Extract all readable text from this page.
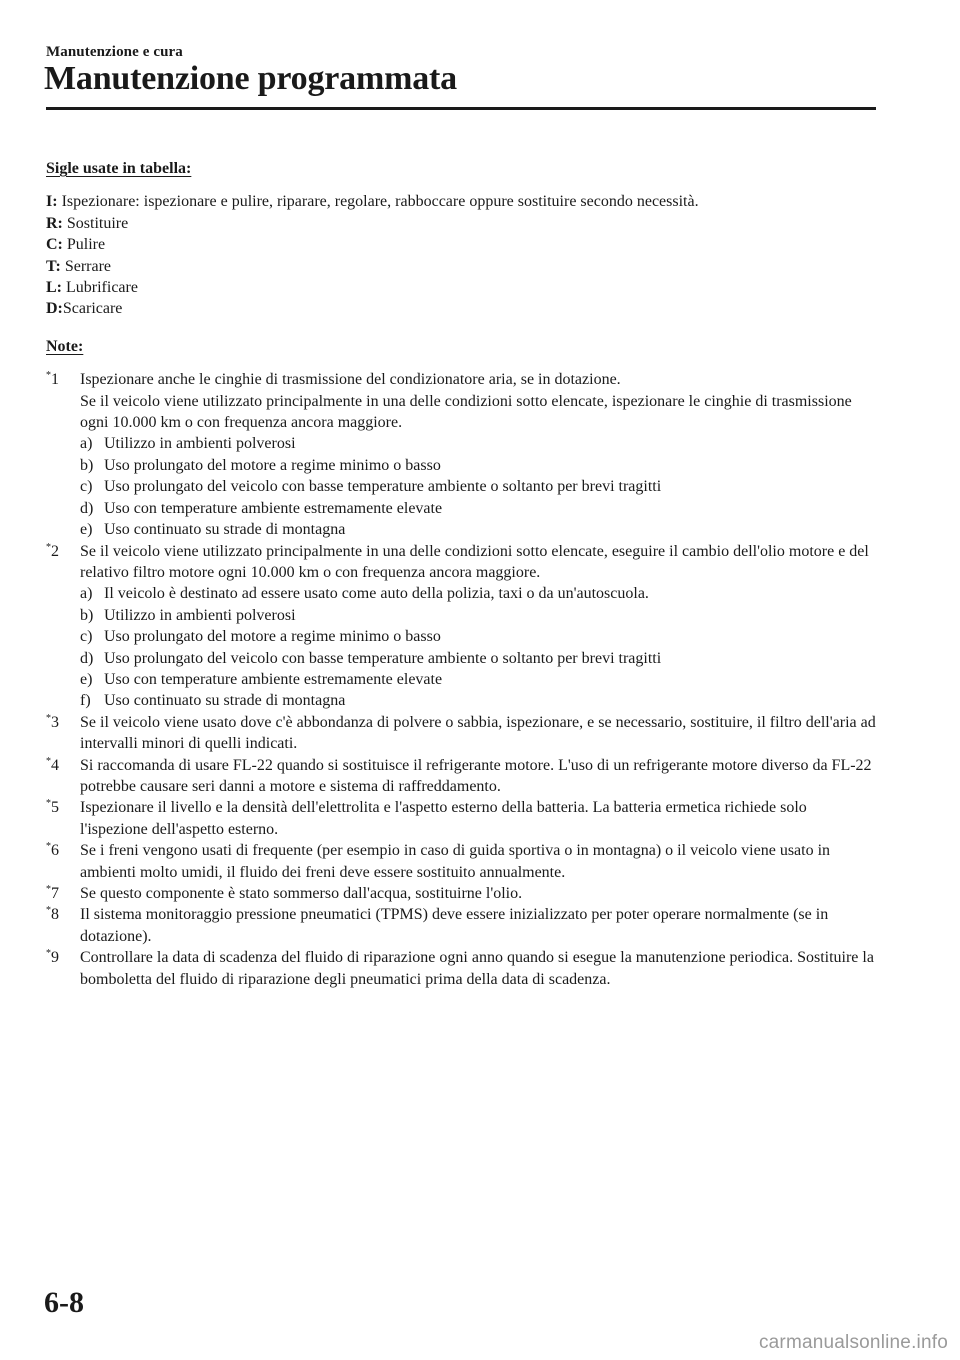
Manutenzione e cura
Manutenzione programmata

Sigle usate in tabella:

I: Ispezionare: ispezionare e pulire, riparare, regolare, rabboccare oppure sostituire secondo necessità.

R: Sostituire

C: Pulire

T: Serrare

L: Lubrificare

D:Scaricare

Note:

*1	Ispezionare anche le cinghie di trasmissione del condizionatore aria, se in dotazione.

Se il veicolo viene utilizzato principalmente in una delle condizioni sotto elencate, ispezionare le cinghie di trasmissione ogni 10.000 km o con frequenza ancora maggiore.

a) Utilizzo in ambienti polverosi
b) Uso prolungato del motore a regime minimo o basso
c) Uso prolungato del veicolo con basse temperature ambiente o soltanto per brevi tragitti
d) Uso con temperature ambiente estremamente elevate
e) Uso continuato su strade di montagna
*2	Se il veicolo viene utilizzato principalmente in una delle condizioni sotto elencate, eseguire il cambio dell'olio motore e del relativo filtro motore ogni 10.000 km o con frequenza ancora maggiore.

a) Il veicolo è destinato ad essere usato come auto della polizia, taxi o da un'autoscuola.
b) Utilizzo in ambienti polverosi
c) Uso prolungato del motore a regime minimo o basso
d) Uso prolungato del veicolo con basse temperature ambiente o soltanto per brevi tragitti
e) Uso con temperature ambiente estremamente elevate
f) Uso continuato su strade di montagna
*3	Se il veicolo viene usato dove c'è abbondanza di polvere o sabbia, ispezionare, e se necessario, sostituire, il filtro dell'aria ad intervalli minori di quelli indicati.

*4	Si raccomanda di usare FL-22 quando si sostituisce il refrigerante motore. L'uso di un refrigerante motore diverso da FL-22 potrebbe causare seri danni a motore e sistema di raffreddamento.

*5	Ispezionare il livello e la densità dell'elettrolita e l'aspetto esterno della batteria. La batteria ermetica richiede solo l'ispezione dell'aspetto esterno.

*6	Se i freni vengono usati di frequente (per esempio in caso di guida sportiva o in montagna) o il veicolo viene usato in ambienti molto umidi, il fluido dei freni deve essere sostituito annualmente.

*7	Se questo componente è stato sommerso dall'acqua, sostituirne l'olio.

*8	Il sistema monitoraggio pressione pneumatici (TPMS) deve essere inizializzato per poter operare normalmente (se in dotazione).

*9	Controllare la data di scadenza del fluido di riparazione ogni anno quando si esegue la manutenzione periodica. Sostituire la bomboletta del fluido di riparazione degli pneumatici prima della data di scadenza.

6-8
carmanualsonline.info
